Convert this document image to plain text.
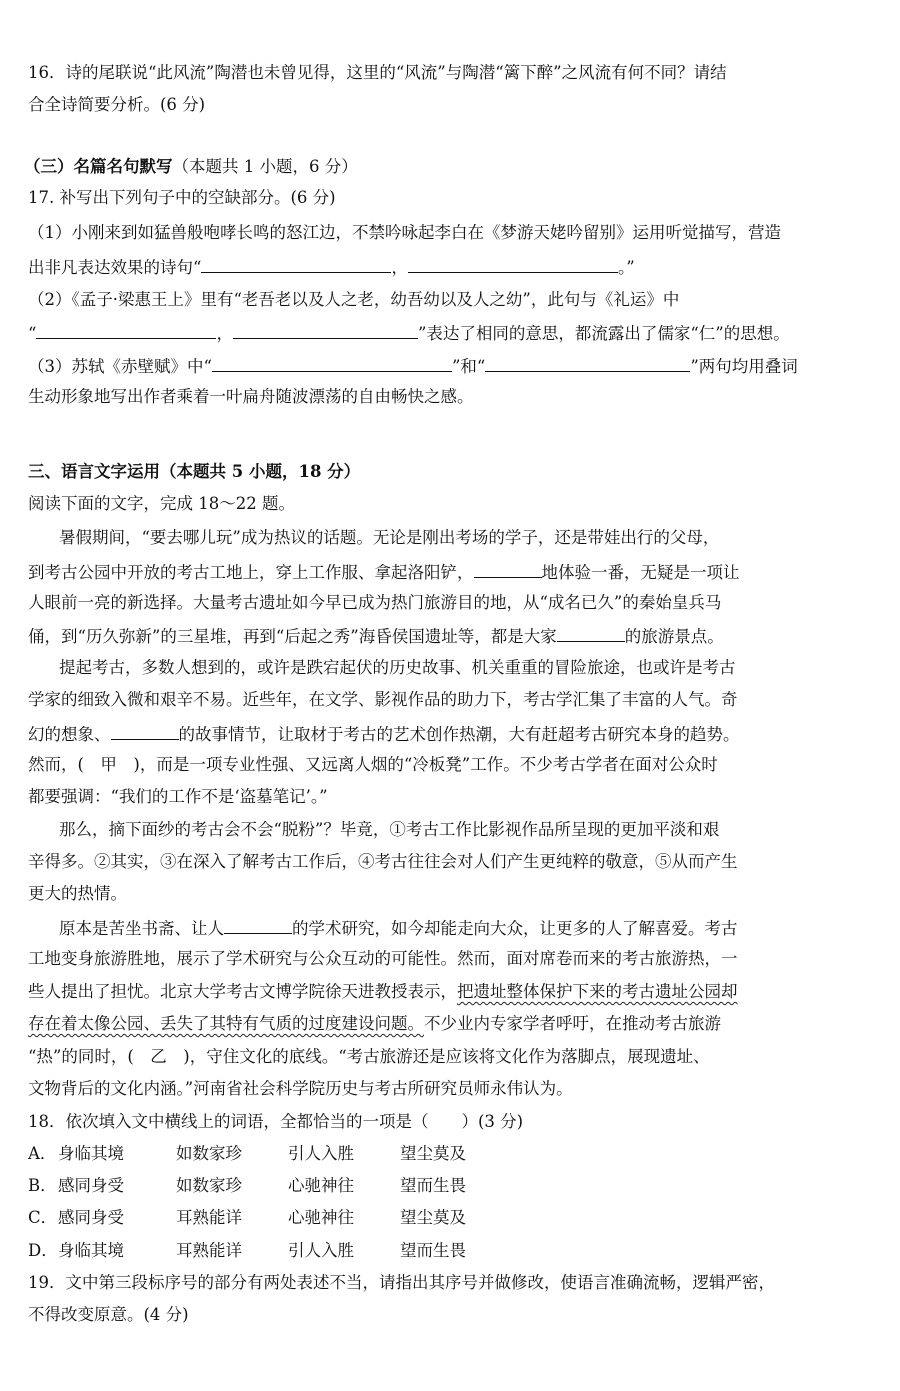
16．诗的尾联说“此风流”陶潜也未曾见得，这里的“风流”与陶潜“篱下醉”之风流有何不同？请结
合全诗简要分析。(6 分)
（三）名篇名句默写（本题共 1 小题，6 分）
17. 补写出下列句子中的空缺部分。(6 分)
（1）小刚来到如猛兽般咆哮长鸣的怒江边，不禁吟咏起李白在《梦游天姥吟留别》运用听觉描写，营造
出非凡表达效果的诗句“	，	。”
（2）《孟子·梁惠王上》里有“老吾老以及人之老，幼吾幼以及人之幼”，此句与《礼运》中
“	，	”表达了相同的意思，都流露出了儒家“仁”的思想。
（3）苏轼《赤壁赋》中“	”和“	”两句均用叠词
生动形象地写出作者乘着一叶扁舟随波漂荡的自由畅快之感。
三、语言文字运用（本题共 5 小题，18 分）
阅读下面的文字，完成 18～22 题。
暑假期间，“要去哪儿玩”成为热议的话题。无论是刚出考场的学子，还是带娃出行的父母，
到考古公园中开放的考古工地上，穿上工作服、拿起洛阳铲，	地体验一番，无疑是一项让
人眼前一亮的新选择。大量考古遗址如今早已成为热门旅游目的地，从“成名已久”的秦始皇兵马
俑，到“历久弥新”的三星堆，再到“后起之秀”海昏侯国遗址等，都是大家	的旅游景点。
提起考古，多数人想到的，或许是跌宕起伏的历史故事、机关重重的冒险旅途，也或许是考古
学家的细致入微和艰辛不易。近些年，在文学、影视作品的助力下，考古学汇集了丰富的人气。奇
幻的想象、	的故事情节，让取材于考古的艺术创作热潮，大有赶超考古研究本身的趋势。
然而，(　甲　)，而是一项专业性强、又远离人烟的“冷板凳”工作。不少考古学者在面对公众时
都要强调：“我们的工作不是‘盗墓笔记’。”
那么，摘下面纱的考古会不会“脱粉”？毕竟，①考古工作比影视作品所呈现的更加平淡和艰
辛得多。②其实，③在深入了解考古工作后，④考古往往会对人们产生更纯粹的敬意，⑤从而产生
更大的热情。
原本是苦坐书斋、让人	的学术研究，如今却能走向大众，让更多的人了解喜爱。考古
工地变身旅游胜地，展示了学术研究与公众互动的可能性。然而，面对席卷而来的考古旅游热，一
些人提出了担忧。北京大学考古文博学院徐天进教授表示，把遗址整体保护下来的考古遗址公园却
存在着太像公园、丢失了其特有气质的过度建设问题。不少业内专家学者呼吁，在推动考古旅游
“热”的同时，(　乙　)，守住文化的底线。“考古旅游还是应该将文化作为落脚点，展现遗址、
文物背后的文化内涵。”河南省社会科学院历史与考古所研究员师永伟认为。
18．依次填入文中横线上的词语，全都恰当的一项是（　　）(3 分)
A．身临其境	如数家珍	引人入胜	望尘莫及
B．感同身受	如数家珍	心驰神往	望而生畏
C．感同身受	耳熟能详	心驰神往	望尘莫及
D．身临其境	耳熟能详	引人入胜	望而生畏
19．文中第三段标序号的部分有两处表述不当，请指出其序号并做修改，使语言准确流畅，逻辑严密，
不得改变原意。(4 分)
